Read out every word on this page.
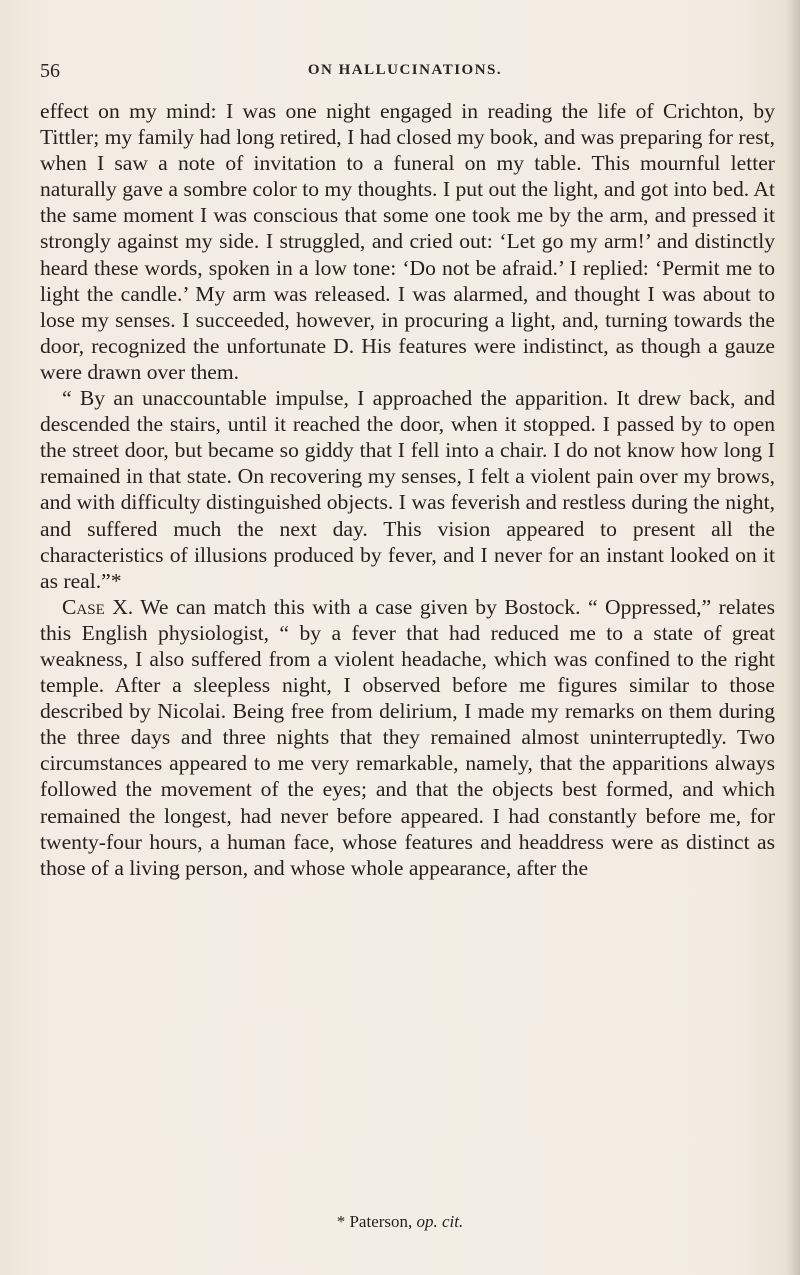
56	ON HALLUCINATIONS.

effect on my mind: I was one night engaged in reading the life of Crichton, by Tittler; my family had long retired, I had closed my book, and was preparing for rest, when I saw a note of invitation to a funeral on my table. This mournful letter naturally gave a sombre color to my thoughts. I put out the light, and got into bed. At the same moment I was conscious that some one took me by the arm, and pressed it strongly against my side. I struggled, and cried out: ‘Let go my arm!’ and distinctly heard these words, spoken in a low tone: ‘Do not be afraid.’ I replied: ‘Permit me to light the candle.’ My arm was released. I was alarmed, and thought I was about to lose my senses. I succeeded, however, in procuring a light, and, turning towards the door, recognized the unfortunate D. His features were indistinct, as though a gauze were drawn over them.

“ By an unaccountable impulse, I approached the apparition. It drew back, and descended the stairs, until it reached the door, when it stopped. I passed by to open the street door, but became so giddy that I fell into a chair. I do not know how long I remained in that state. On recovering my senses, I felt a violent pain over my brows, and with difficulty distinguished objects. I was feverish and restless during the night, and suffered much the next day. This vision appeared to present all the characteristics of illusions produced by fever, and I never for an instant looked on it as real.”*

Case X. We can match this with a case given by Bostock. “ Oppressed,” relates this English physiologist, “ by a fever that had reduced me to a state of great weakness, I also suffered from a violent headache, which was confined to the right temple. After a sleepless night, I observed before me figures similar to those described by Nicolai. Being free from delirium, I made my remarks on them during the three days and three nights that they remained almost uninterruptedly. Two circumstances appeared to me very remarkable, namely, that the apparitions always followed the movement of the eyes; and that the objects best formed, and which remained the longest, had never before appeared. I had constantly before me, for twenty-four hours, a human face, whose features and headdress were as distinct as those of a living person, and whose whole appearance, after the

* Paterson, op. cit.
